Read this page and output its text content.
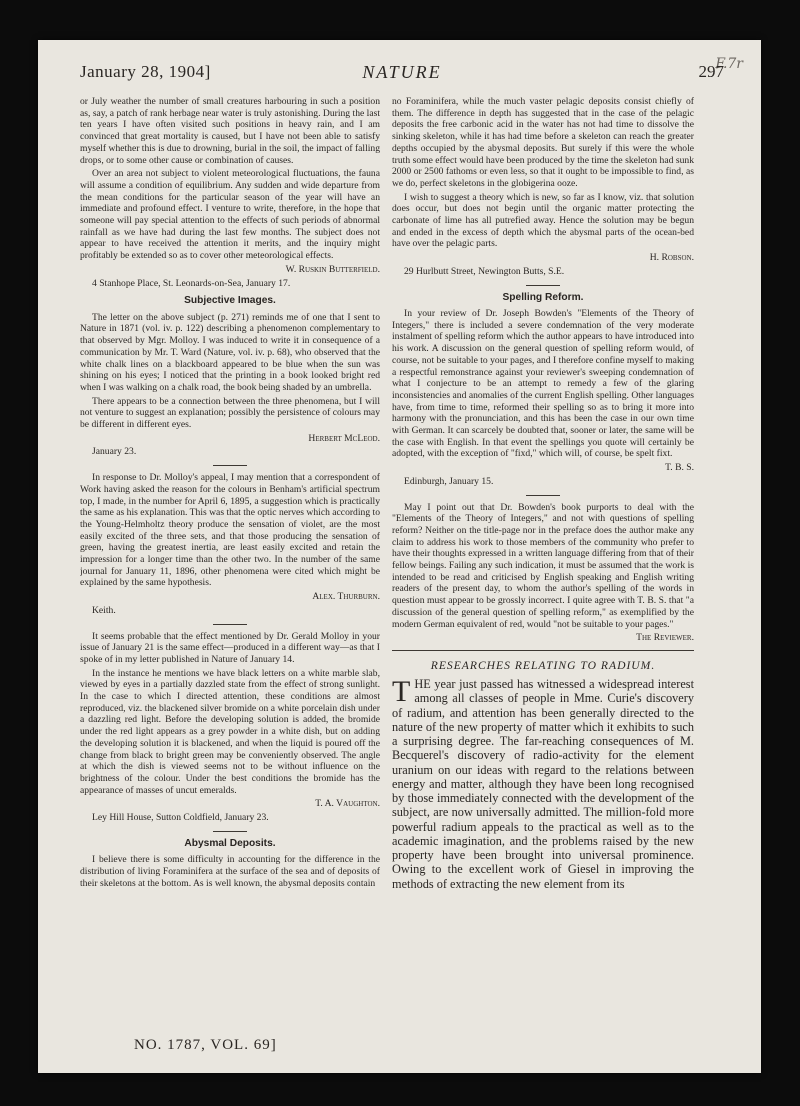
F.7r
January 28, 1904]	NATURE	297

or July weather the number of small creatures harbouring in such a position as, say, a patch of rank herbage near water is truly astonishing. During the last ten years I have often visited such positions in heavy rain, and I am convinced that great mortality is caused, but I have not been able to satisfy myself whether this is due to drowning, burial in the soil, the impact of falling drops, or to some other cause or combination of causes.

Over an area not subject to violent meteorological fluctuations, the fauna will assume a condition of equilibrium. Any sudden and wide departure from the mean conditions for the particular season of the year will have an immediate and profound effect. I venture to write, therefore, in the hope that someone will pay special attention to the effects of such periods of abnormal rainfall as we have had during the last few months. The subject does not appear to have received the attention it merits, and the inquiry might profitably be extended so as to cover other meteorological effects.

W. Ruskin Butterfield.

4 Stanhope Place, St. Leonards-on-Sea, January 17.

Subjective Images.

The letter on the above subject (p. 271) reminds me of one that I sent to Nature in 1871 (vol. iv. p. 122) describing a phenomenon complementary to that observed by Mgr. Molloy. I was induced to write it in consequence of a communication by Mr. T. Ward (Nature, vol. iv. p. 68), who observed that the white chalk lines on a blackboard appeared to be blue when the sun was shining on his eyes; I noticed that the printing in a book looked bright red when I was walking on a chalk road, the book being shaded by an umbrella.

There appears to be a connection between the three phenomena, but I will not venture to suggest an explanation; possibly the persistence of colours may be different in different eyes.

Herbert McLeod.

January 23.

In response to Dr. Molloy's appeal, I may mention that a correspondent of Work having asked the reason for the colours in Benham's artificial spectrum top, I made, in the number for April 6, 1895, a suggestion which is practically the same as his explanation. This was that the optic nerves which according to the Young-Helmholtz theory produce the sensation of violet, are the most easily excited of the three sets, and that those producing the sensation of green, having the greatest inertia, are least easily excited and retain the impression for a longer time than the other two. In the number of the same journal for January 11, 1896, other phenomena were cited which might be explained by the same hypothesis.

Alex. Thurburn.

Keith.

It seems probable that the effect mentioned by Dr. Gerald Molloy in your issue of January 21 is the same effect—produced in a different way—as that I spoke of in my letter published in Nature of January 14.

In the instance he mentions we have black letters on a white marble slab, viewed by eyes in a partially dazzled state from the effect of strong sunlight. In the case to which I directed attention, these conditions are almost reproduced, viz. the blackened silver bromide on a white porcelain dish under a dazzling red light. Before the developing solution is added, the bromide under the red light appears as a grey powder in a white dish, but on adding the developing solution it is blackened, and when the liquid is poured off the change from black to bright green may be conveniently observed. The angle at which the dish is viewed seems not to be without influence on the brightness of the colour. Under the best conditions the bromide has the appearance of masses of uncut emeralds.

T. A. Vaughton.

Ley Hill House, Sutton Coldfield, January 23.

Abysmal Deposits.

I believe there is some difficulty in accounting for the difference in the distribution of living Foraminifera at the surface of the sea and of deposits of their skeletons at the bottom. As is well known, the abysmal deposits contain

no Foraminifera, while the much vaster pelagic deposits consist chiefly of them. The difference in depth has suggested that in the case of the pelagic deposits the free carbonic acid in the water has not had time to dissolve the sinking skeleton, while it has had time before a skeleton can reach the greater depths occupied by the abysmal deposits. But surely if this were the whole truth some effect would have been produced by the time the skeleton had sunk 2000 or 2500 fathoms or even less, so that it ought to be impossible to find, as we do, perfect skeletons in the globigerina ooze.

I wish to suggest a theory which is new, so far as I know, viz. that solution does occur, but does not begin until the organic matter protecting the carbonate of lime has all putrefied away. Hence the solution may be begun and ended in the excess of depth which the abysmal parts of the ocean-bed have over the pelagic parts.

H. Robson.

29 Hurlbutt Street, Newington Butts, S.E.

Spelling Reform.

In your review of Dr. Joseph Bowden's "Elements of the Theory of Integers," there is included a severe condemnation of the very moderate instalment of spelling reform which the author appears to have introduced into his work. A discussion on the general question of spelling reform would, of course, not be suitable to your pages, and I therefore confine myself to making a respectful remonstrance against your reviewer's sweeping condemnation of what I conjecture to be an attempt to remedy a few of the glaring inconsistencies and anomalies of the current English spelling. Other languages have, from time to time, reformed their spelling so as to bring it more into harmony with the pronunciation, and this has been the case in our own time with German. It can scarcely be doubted that, sooner or later, the same will be the case with English. In that event the spellings you quote will certainly be adopted, with the exception of "fixd," which will, of course, be spelt fixt.

T. B. S.

Edinburgh, January 15.

May I point out that Dr. Bowden's book purports to deal with the "Elements of the Theory of Integers," and not with questions of spelling reform? Neither on the title-page nor in the preface does the author make any claim to address his work to those members of the community who prefer to have their thoughts expressed in a written language differing from that of their fellow beings. Failing any such indication, it must be assumed that the work is intended to be read and criticised by English speaking and English writing readers of the present day, to whom the author's spelling of the words in question must appear to be grossly incorrect. I quite agree with T. B. S. that "a discussion of the general question of spelling reform," as exemplified by the modern German equivalent of red, would "not be suitable to your pages."

The Reviewer.

RESEARCHES RELATING TO RADIUM.

THE year just passed has witnessed a widespread interest among all classes of people in Mme. Curie's discovery of radium, and attention has been generally directed to the nature of the new property of matter which it exhibits to such a surprising degree. The far-reaching consequences of M. Becquerel's discovery of radio-activity for the element uranium on our ideas with regard to the relations between energy and matter, although they have been long recognised by those immediately connected with the development of the subject, are now universally admitted. The million-fold more powerful radium appeals to the practical as well as to the academic imagination, and the problems raised by the new property have been brought into universal prominence. Owing to the excellent work of Giesel in improving the methods of extracting the new element from its

NO. 1787, VOL. 69]
